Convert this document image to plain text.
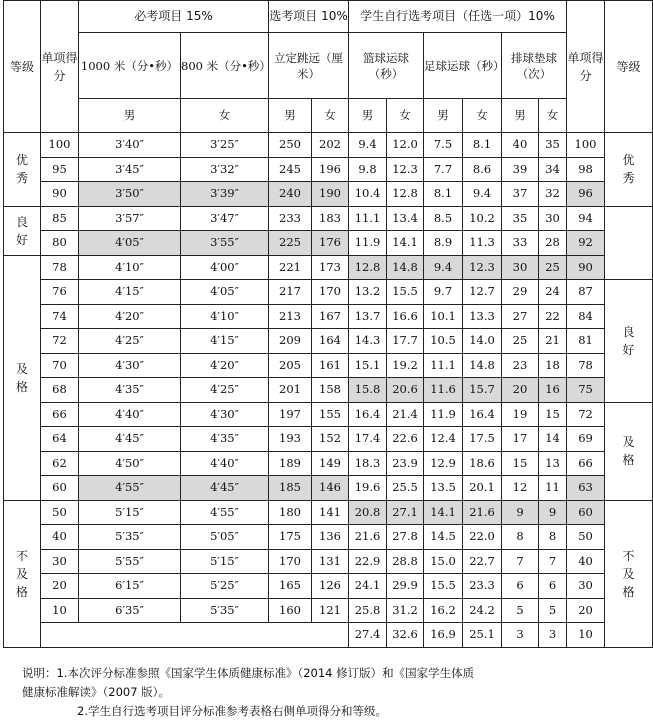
等级	单项得分	必考项目 15%		选考项目 10%		学生自行选考项目（任选一项）10%						单项得分	等级
		1000 米（分•秒）	800 米（分•秒）	立定跳远（厘米）		篮球运球（秒）		足球运球（秒）		排球垫球（次）			
		男	女	男	女	男	女	男	女	男	女		

优
秀	100	3′40″	3′25″	250	202	9.4	12.0	7.5	8.1	40	35	100	优
秀

	95	3′45″	3′32″	245	196	9.8	12.3	7.7	8.6	39	34	98	
	90	3′50″	3′39″	240	190	10.4	12.8	8.1	9.4	37	32	96	

良
好	85	3′57″	3′47″	233	183	11.1	13.4	8.5	10.2	35	30	94	
	80	4′05″	3′55″	225	176	11.9	14.1	8.9	11.3	33	28	92	

及
格	78	4′10″	4′00″	221	173	12.8	14.8	9.4	12.3	30	25	90	
	76	4′15″	4′05″	217	170	13.2	15.5	9.7	12.7	29	24	87	良
好

	74	4′20″	4′10″	213	167	13.7	16.6	10.1	13.3	27	22	84	
	72	4′25″	4′15″	209	164	14.3	17.7	10.5	14.0	25	21	81	
	70	4′30″	4′20″	205	161	15.1	19.2	11.1	14.8	23	18	78	
	68	4′35″	4′25″	201	158	15.8	20.6	11.6	15.7	20	16	75	
	66	4′40″	4′30″	197	155	16.4	21.4	11.9	16.4	19	15	72	及
格

	64	4′45″	4′35″	193	152	17.4	22.6	12.4	17.5	17	14	69	
	62	4′50″	4′40″	189	149	18.3	23.9	12.9	18.6	15	13	66	
	60	4′55″	4′45″	185	146	19.6	25.5	13.5	20.1	12	11	63	

不
及
格	50	5′15″	4′55″	180	141	20.8	27.1	14.1	21.6	9	9	60	不
及
格

	40	5′35″	5′05″	175	136	21.6	27.8	14.5	22.0	8	8	50	
	30	5′55″	5′15″	170	131	22.9	28.8	15.0	22.7	7	7	40	
	20	6′15″	5′25″	165	126	24.1	29.9	15.5	23.3	6	6	30	
	10	6′35″	5′35″	160	121	25.8	31.2	16.2	24.2	5	5	20	
						27.4	32.6	16.9	25.1	3	3	10	
说明：1.本次评分标准参照《国家学生体质健康标准》（2014 修订版）和《国家学生体质
健康标准解读》（2007 版）。
2.学生自行选考项目评分标准参考表格右侧单项得分和等级。
